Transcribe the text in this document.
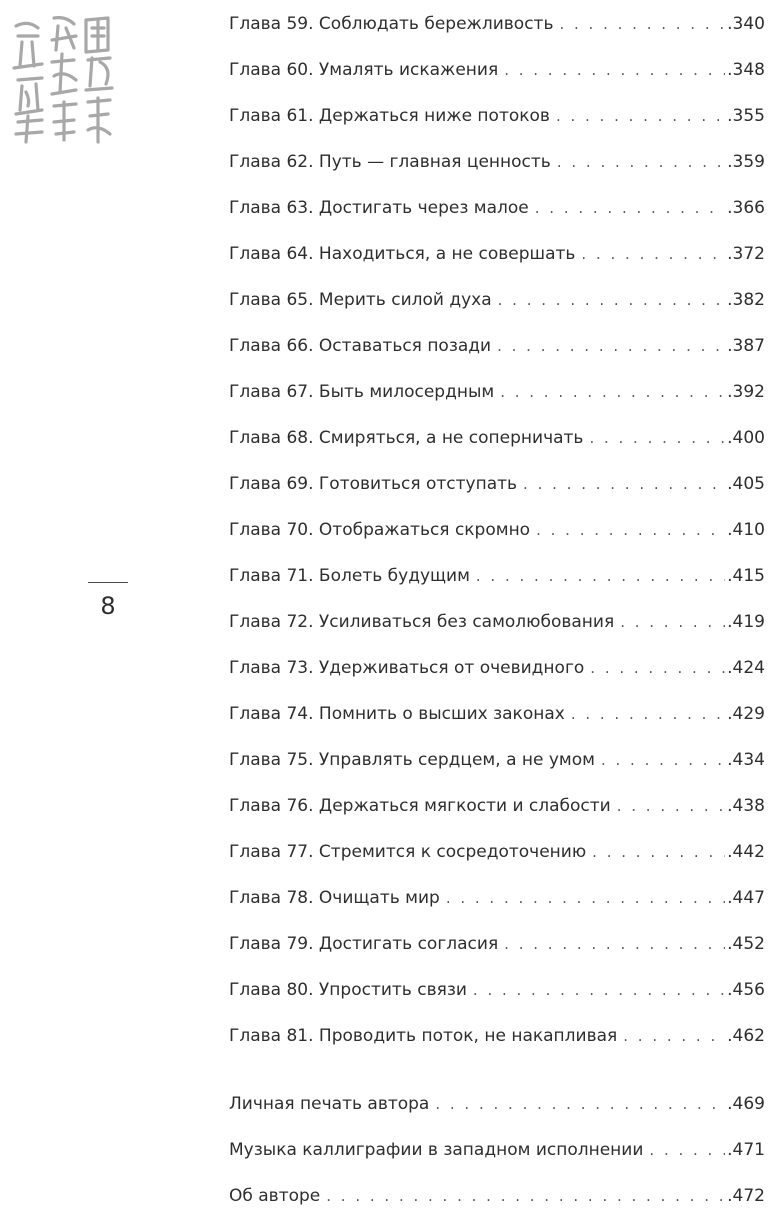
8
Глава 59. Соблюдать бережливость . . .	.340
Глава 60. Умалять искажения . . .	.348
Глава 61. Держаться ниже потоков . . .	.355
Глава 62. Путь — главная ценность . . .	.359
Глава 63. Достигать через малое . . .	.366
Глава 64. Находиться, а не совершать . . .	.372
Глава 65. Мерить силой духа . . .	.382
Глава 66. Оставаться позади . . .	.387
Глава 67. Быть милосердным . . .	.392
Глава 68. Смиряться, а не соперничать . . .	.400
Глава 69. Готовиться отступать . . .	.405
Глава 70. Отображаться скромно . . .	.410
Глава 71. Болеть будущим . . .	.415
Глава 72. Усиливаться без самолюбования . . .	.419
Глава 73. Удерживаться от очевидного . . .	.424
Глава 74. Помнить о высших законах . . .	.429
Глава 75. Управлять сердцем, а не умом . . .	.434
Глава 76. Держаться мягкости и слабости . . .	.438
Глава 77. Стремится к сосредоточению . . .	.442
Глава 78. Очищать мир . . .	.447
Глава 79. Достигать согласия . . .	.452
Глава 80. Упростить связи . . .	.456
Глава 81. Проводить поток, не накапливая . . .	.462
Личная печать автора . . .	.469
Музыка каллиграфии в западном исполнении . . .	.471
Об авторе . . .	.472
